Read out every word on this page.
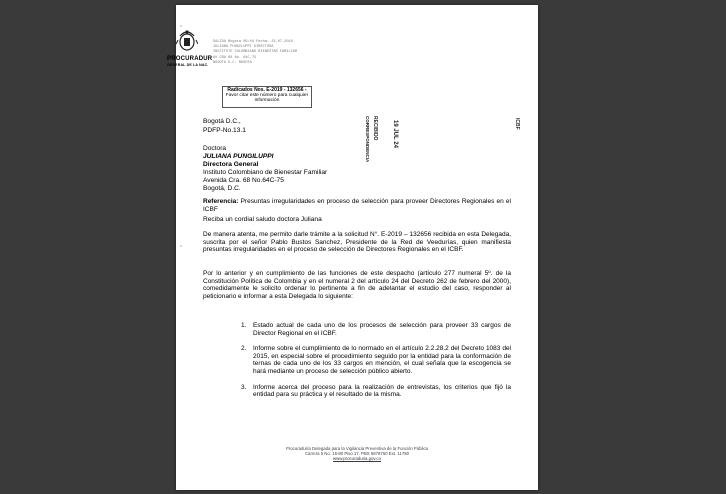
PROCURADUR
GENERAL DE LA NAC.
SALIDA Bogota 09:04 Fecha: 23-07-2019
JULIANA PUNGILUPPI DIRECTORA
INSTITUTO COLOMBIANO BIENESTAR FAMILIAR
AV CRA 68 No. 64C-75
BOGOTA D.C. BOGOTA
Bogotá D.C.,
PDFP-No.13.1
Radicados Nos. E-2019 - 132656 -
Favor citar este número para cualquier información
19 JUL 24
RECIBIDO
CORRESPONDENCIA	ICBF
Doctora
JULIANA PUNGILUPPI
Directora General
Instituto Colombiano de Bienestar Familiar
Avenida Cra. 68 No.64C-75
Bogotá, D.C.
Referencia: Presuntas irregularidades en proceso de selección para proveer Directores Regionales en el ICBF
Reciba un cordial saludo doctora Juliana
De manera atenta, me permito darle trámite a la solicitud N°. E-2019 – 132656 recibida en esta Delegada, suscrita por el señor Pablo Bustos Sanchez, Presidente de la Red de Veedurías, quien manifiesta presuntas irregularidades en el proceso de selección de Directores Regionales en el ICBF.
Por lo anterior y en cumplimiento de las funciones de este despacho (artículo 277 numeral 5º. de la Constitución Política de Colombia y en el numeral 2 del artículo 24 del Decreto 262 de febrero del 2000), comedidamente le solicito ordenar lo pertinente a fin de adelantar el estudio del caso, responder al peticionario e informar a esta Delegada lo siguiente:
1. Estado actual de cada uno de los procesos de selección para proveer 33 cargos de Director Regional en el ICBF.
2. Informe sobre el cumplimiento de lo normado en el artículo 2.2.28.2 del Decreto 1083 del 2015, en especial sobre el procedimiento seguido por la entidad para la conformación de ternas de cada uno de los 33 cargos en mención, el cual señala que la escogencia se hará mediante un proceso de selección público abierto.
3. Informe acerca del proceso para la realización de entrevistas, los criterios que fijó la entidad para su práctica y el resultado de la misma.
Procuraduría Delegada para la Vigilancia Preventiva de la Función Pública
Carrera 5 No. 15-80 Piso 17. PBX 5878750 Ext. 11780
www.procuraduria.gov.co
